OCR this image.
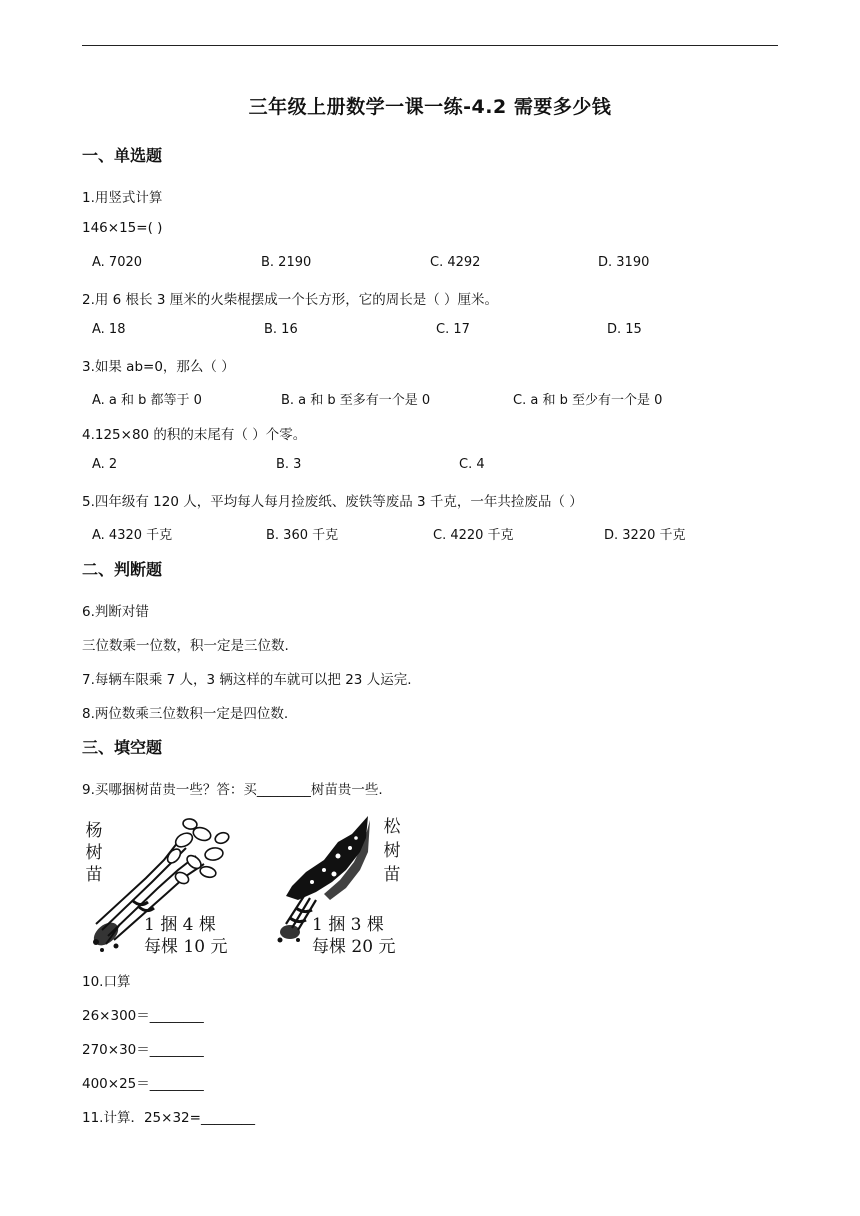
三年级上册数学一课一练-4.2 需要多少钱
一、单选题
1.用竖式计算
146×15=( )
A. 7020	B. 2190	C. 4292	D. 3190
2.用 6 根长 3 厘米的火柴棍摆成一个长方形，它的周长是（ ）厘米。
A. 18	B. 16	C. 17	D. 15
3.如果 ab=0，那么（ ）
A. a 和 b 都等于 0	B. a 和 b 至多有一个是 0	C. a 和 b 至少有一个是 0
4.125×80 的积的末尾有（ ）个零。
A. 2	B. 3	C. 4
5.四年级有 120 人，平均每人每月捡废纸、废铁等废品 3 千克，一年共捡废品（ ）
A. 4320 千克	B. 360 千克	C. 4220 千克	D. 3220 千克
二、判断题
6.判断对错
三位数乘一位数，积一定是三位数.
7.每辆车限乘 7 人，3 辆这样的车就可以把 23 人运完.
8.两位数乘三位数积一定是四位数.
三、填空题
9.买哪捆树苗贵一些？答：买________树苗贵一些.
杨
树
苗
1 捆 4 棵
每棵 10 元
松
树
苗
1 捆 3 棵
每棵 20 元
10.口算
26×300＝________
270×30＝________
400×25＝________
11.计算．25×32=________
